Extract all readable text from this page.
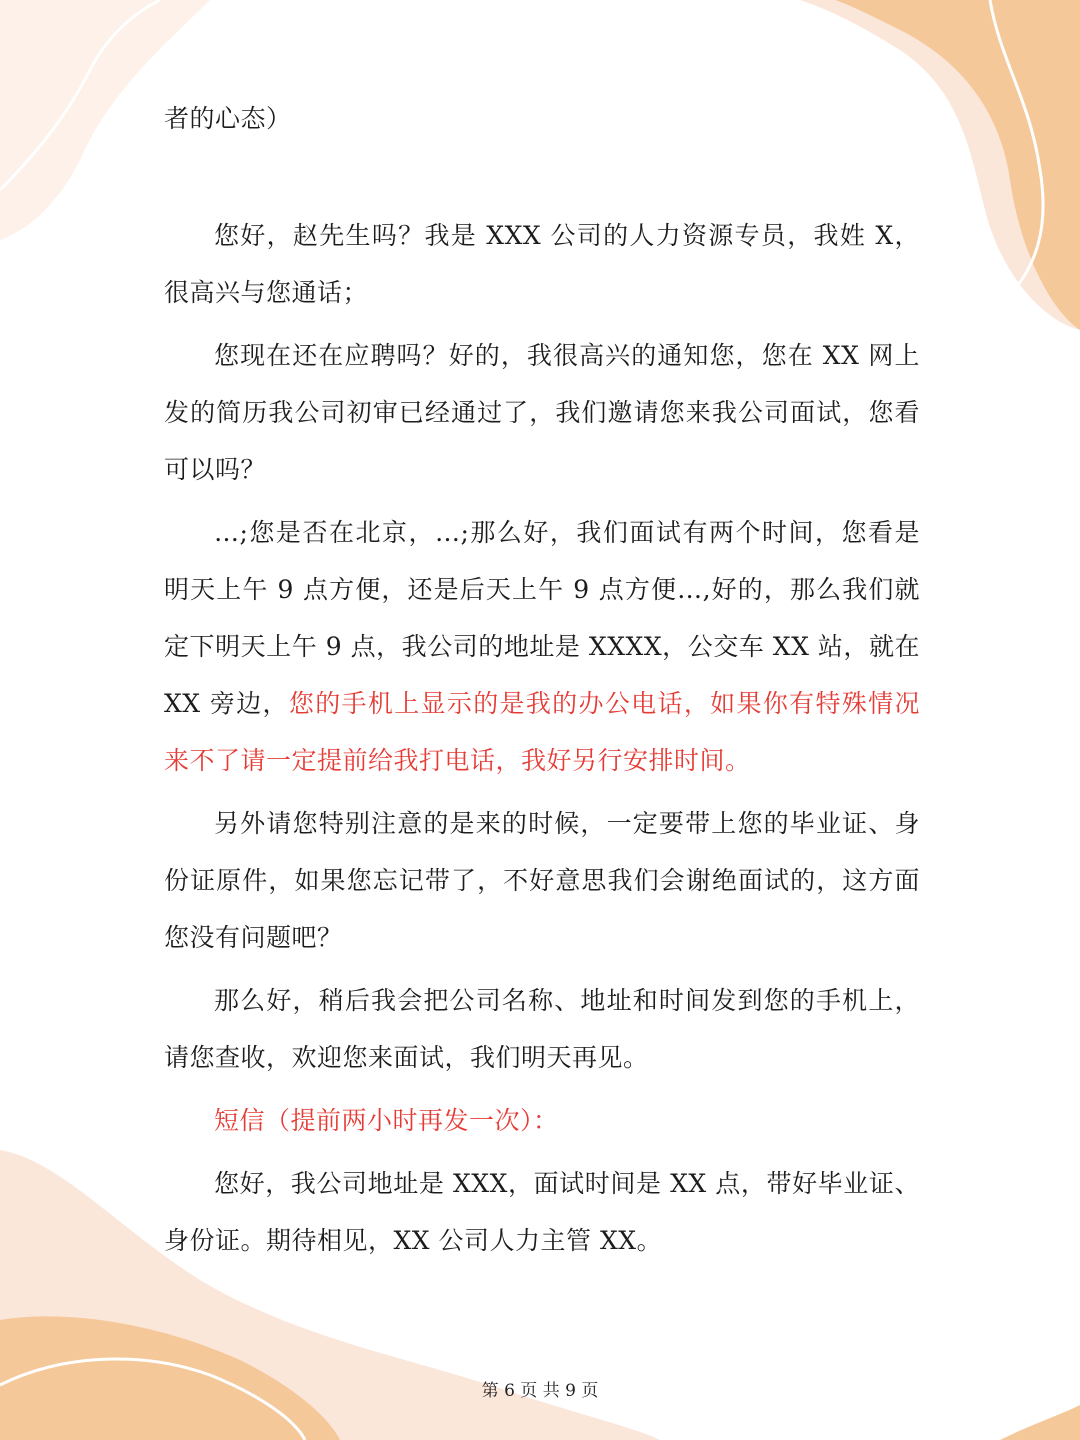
者的心态）

您好，赵先生吗？我是 XXX 公司的人力资源专员，我姓 X，很高兴与您通话；

您现在还在应聘吗？好的，我很高兴的通知您，您在 XX 网上发的简历我公司初审已经通过了，我们邀请您来我公司面试，您看可以吗？

…;您是否在北京，…;那么好，我们面试有两个时间，您看是明天上午 9 点方便，还是后天上午 9 点方便…,好的，那么我们就定下明天上午 9 点，我公司的地址是 XXXX，公交车 XX 站，就在 XX 旁边，您的手机上显示的是我的办公电话，如果你有特殊情况来不了请一定提前给我打电话，我好另行安排时间。

另外请您特别注意的是来的时候，一定要带上您的毕业证、身份证原件，如果您忘记带了，不好意思我们会谢绝面试的，这方面您没有问题吧？

那么好，稍后我会把公司名称、地址和时间发到您的手机上，请您查收，欢迎您来面试，我们明天再见。

短信（提前两小时再发一次）：

您好，我公司地址是 XXX，面试时间是 XX 点，带好毕业证、身份证。期待相见，XX 公司人力主管 XX。

第 6 页 共 9 页
